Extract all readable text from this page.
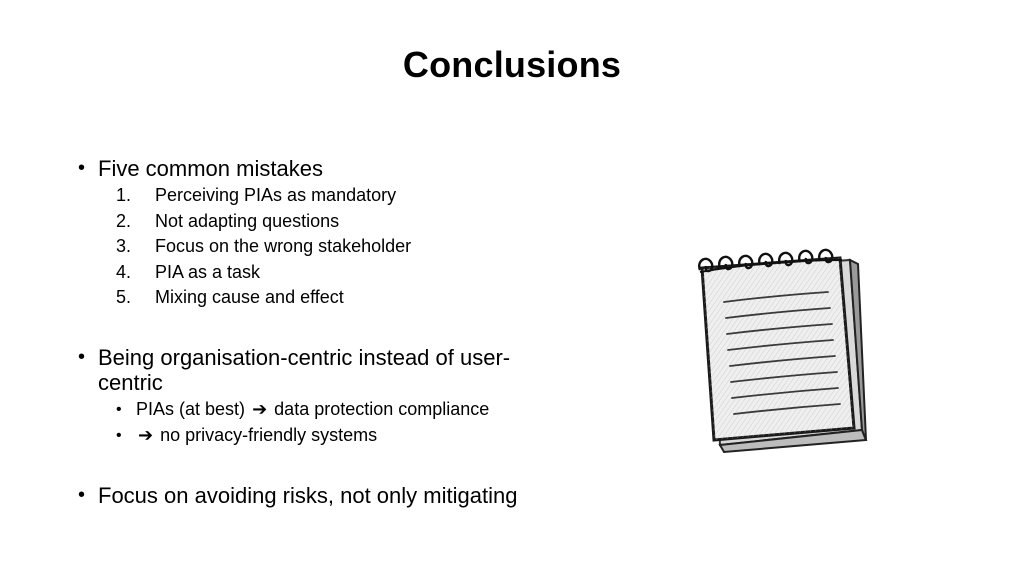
Conclusions
• Five common mistakes
1. Perceiving PIAs as mandatory
2. Not adapting questions
3. Focus on the wrong stakeholder
4. PIA as a task
5. Mixing cause and effect
• Being organisation-centric instead of user-
centric
• PIAs (at best) ➔ data protection compliance
• ➔ no privacy-friendly systems
• Focus on avoiding risks, not only mitigating
